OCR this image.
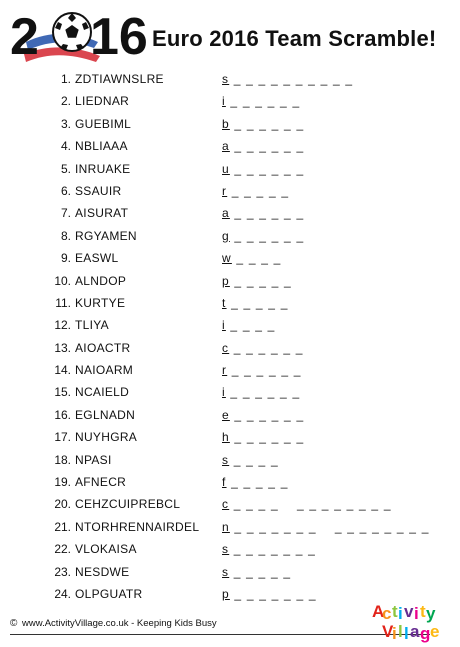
2 16 Euro 2016 Team Scramble!
1. ZDTIAWNSLRE	s _ _ _ _ _ _ _ _ _ _
2. LIEDNAR	i _ _ _ _ _ _
3. GUEBIML	b _ _ _ _ _ _
4. NBLIAAA	a _ _ _ _ _ _
5. INRUAKE	u _ _ _ _ _ _
6. SSAUIR	r _ _ _ _ _
7. AISURAT	a _ _ _ _ _ _
8. RGYAMEN	g _ _ _ _ _ _
9. EASWL	w _ _ _ _
10. ALNDOP	p _ _ _ _ _
11. KURTYE	t _ _ _ _ _
12. TLIYA	i _ _ _ _
13. AIOACTR	c _ _ _ _ _ _
14. NAIOARM	r _ _ _ _ _ _
15. NCAIELD	i _ _ _ _ _ _
16. EGLNADN	e _ _ _ _ _ _
17. NUYHGRA	h _ _ _ _ _ _
18. NPASI	s _ _ _ _
19. AFNECR	f _ _ _ _ _
20. CEHZCUIPREBCL	c _ _ _ _    _ _ _ _ _ _ _ _
21. NTORHRENNAIRDEL n _ _ _ _ _ _ _    _ _ _ _ _ _ _ _
22. VLOKAISA	s _ _ _ _ _ _ _
23. NESDWE	s _ _ _ _ _
24. OLPGUATR	p _ _ _ _ _ _ _
© www.ActivityVillage.co.uk - Keeping Kids Busy
A
c t i v i t y
V
i l l a g e
